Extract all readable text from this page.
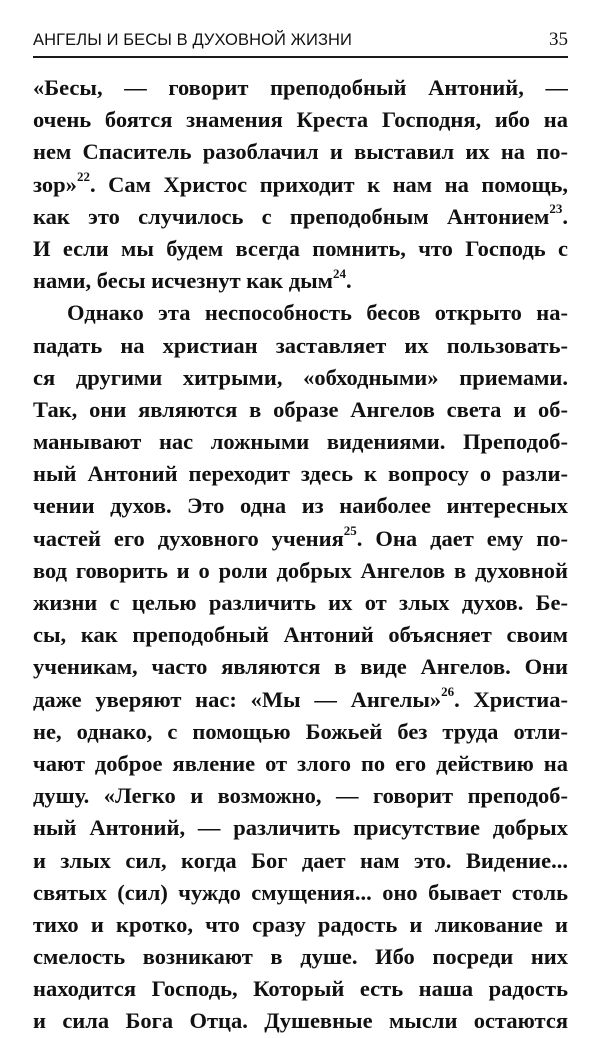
АНГЕЛЫ И БЕСЫ В ДУХОВНОЙ ЖИЗНИ	35
«Бесы, — говорит преподобный Антоний, —
очень боятся знамения Креста Господня, ибо на
нем Спаситель разоблачил и выставил их на по-
зор»$^{22}$. Сам Христос приходит к нам на помощь,
как это случилось с преподобным Антонием$^{23}$.
И если мы будем всегда помнить, что Господь с
нами, бесы исчезнут как дым$^{24}$.
Однако эта неспособность бесов открыто на-
падать на христиан заставляет их пользовать-
ся другими хитрыми, «обходными» приемами.
Так, они являются в образе Ангелов света и об-
манывают нас ложными видениями. Преподоб-
ный Антоний переходит здесь к вопросу о разли-
чении духов. Это одна из наиболее интересных
частей его духовного учения$^{25}$. Она дает ему по-
вод говорить и о роли добрых Ангелов в духовной
жизни с целью различить их от злых духов. Бе-
сы, как преподобный Антоний объясняет своим
ученикам, часто являются в виде Ангелов. Они
даже уверяют нас: «Мы — Ангелы»$^{26}$. Христиа-
не, однако, с помощью Божьей без труда отли-
чают доброе явление от злого по его действию на
душу. «Легко и возможно, — говорит преподоб-
ный Антоний, — различить присутствие добрых
и злых сил, когда Бог дает нам это. Видение...
святых (сил) чуждо смущения... оно бывает столь
тихо и кротко, что сразу радость и ликование и
смелость возникают в душе. Ибо посреди них
находится Господь, Который есть наша радость
и сила Бога Отца. Душевные мысли остаются
